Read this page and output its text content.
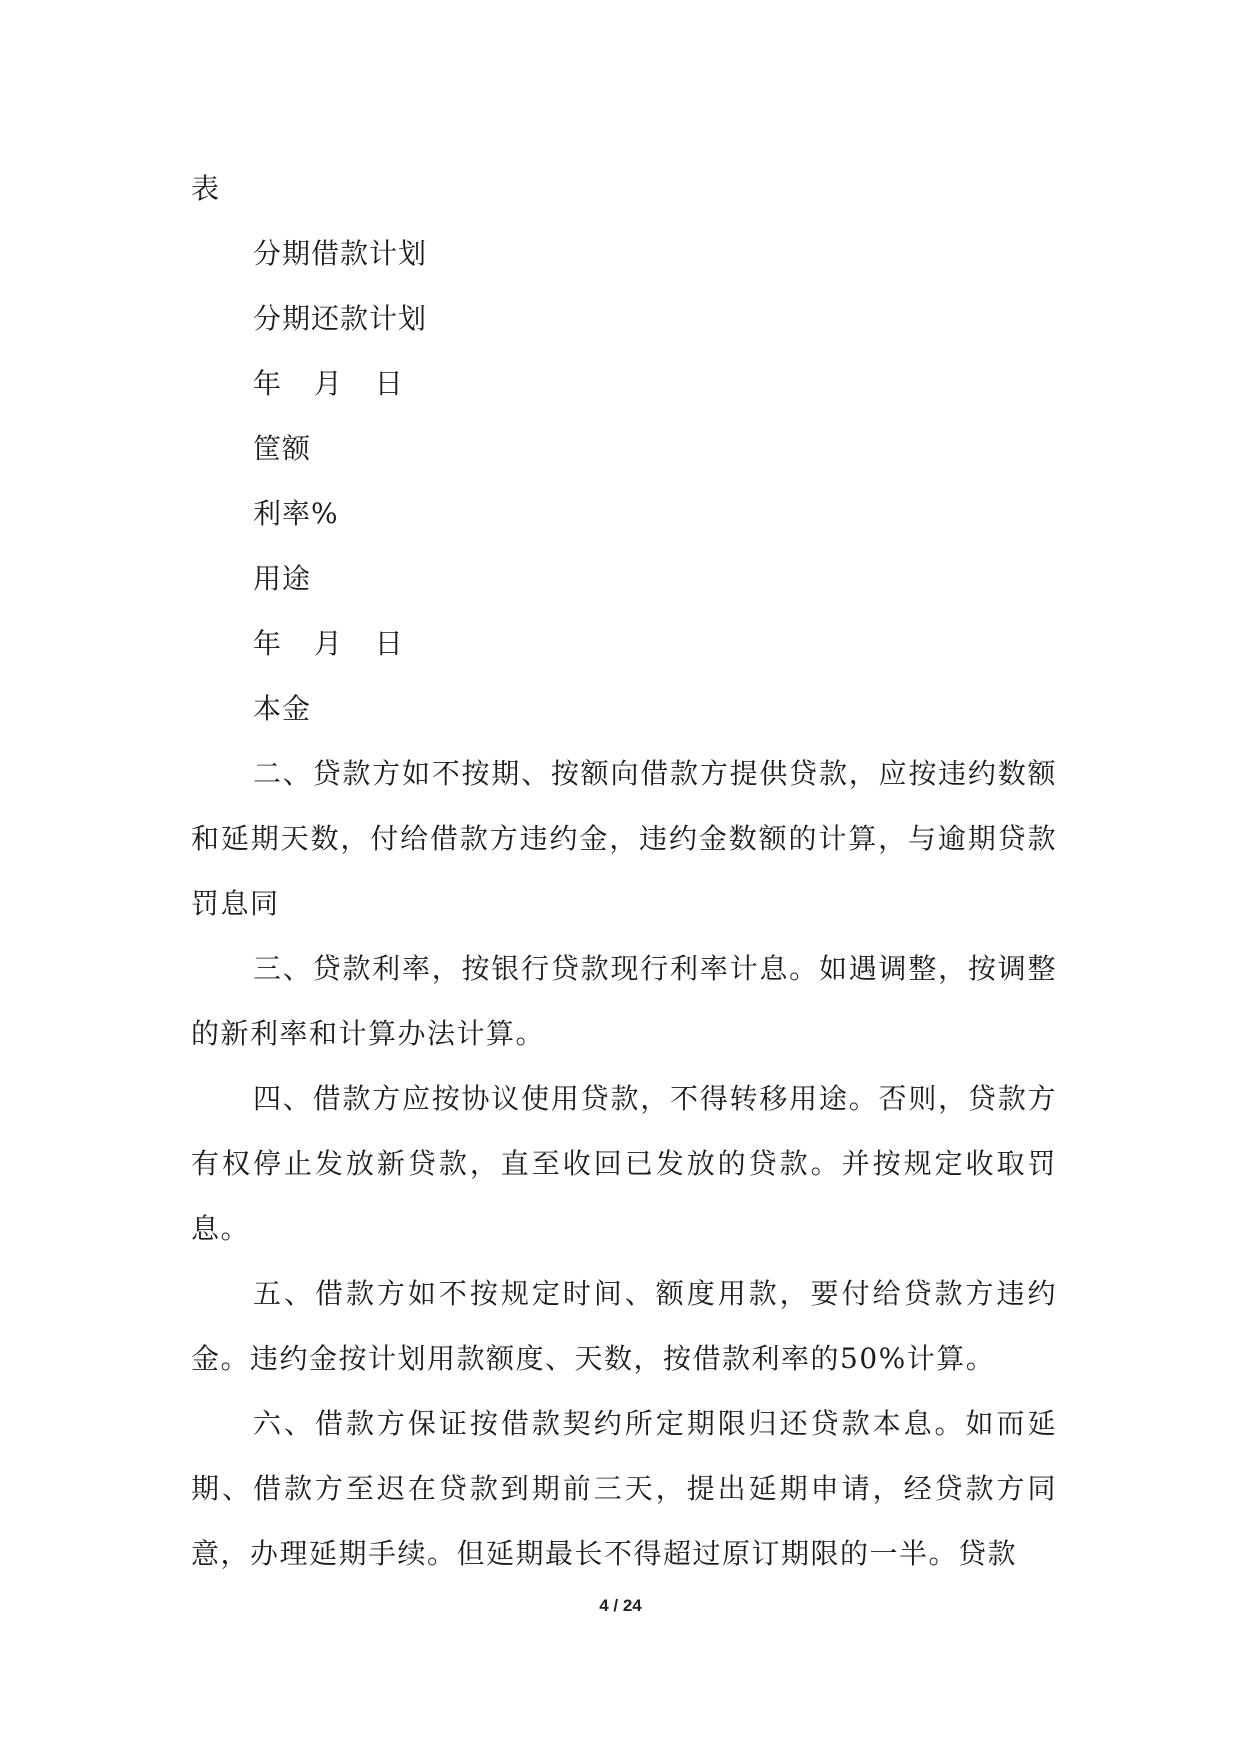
表
分期借款计划
分期还款计划
年 月 日
筐额
利率%
用途
年 月 日
本金
二、贷款方如不按期、按额向借款方提供贷款，应按违约数额和延期天数，付给借款方违约金，违约金数额的计算，与逾期贷款罚息同
三、贷款利率，按银行贷款现行利率计息。如遇调整，按调整的新利率和计算办法计算。
四、借款方应按协议使用贷款，不得转移用途。否则，贷款方有权停止发放新贷款，直至收回已发放的贷款。并按规定收取罚息。
五、借款方如不按规定时间、额度用款，要付给贷款方违约金。违约金按计划用款额度、天数，按借款利率的50%计算。
六、借款方保证按借款契约所定期限归还贷款本息。如而延期、借款方至迟在贷款到期前三天，提出延期申请，经贷款方同意，办理延期手续。但延期最长不得超过原订期限的一半。贷款
4 / 24
